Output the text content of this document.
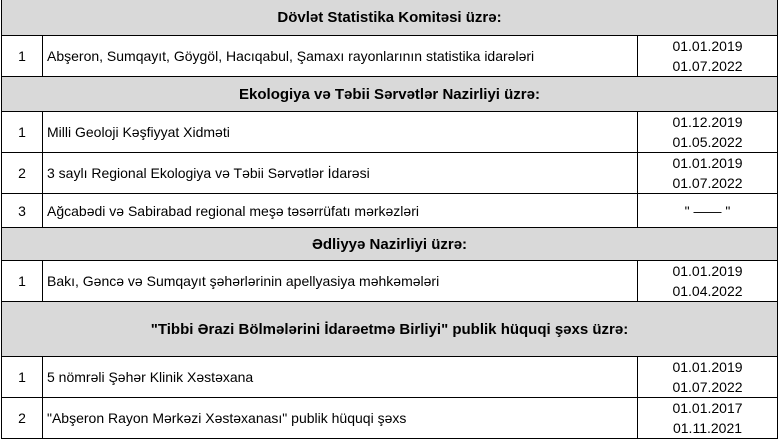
Dövlət Statistika Komitəsi üzrə:		
1	Abşeron, Sumqayıt, Göygöl, Hacıqabul, Şamaxı rayonlarının statistika idarələri	01.01.2019
01.07.2022

Ekologiya və Təbii Sərvətlər Nazirliyi üzrə:		
1	Milli Geoloji Kəşfiyyat Xidməti	01.12.2019
01.05.2022

2	3 saylı Regional Ekologiya və Təbii Sərvətlər İdarəsi	01.01.2019
01.07.2022

3	Ağcabədi və Sabirabad regional meşə təsərrüfatı mərkəzləri	" —— "

Ədliyyə Nazirliyi üzrə:		
1	Bakı, Gəncə və Sumqayıt şəhərlərinin apellyasiya məhkəmələri	01.01.2019
01.04.2022

"Tibbi Ərazi Bölmələrini İdarəetmə Birliyi" publik hüquqi şəxs üzrə:		
1	5 nömrəli Şəhər Klinik Xəstəxana	01.01.2019
01.07.2022

2	"Abşeron Rayon Mərkəzi Xəstəxanası" publik hüquqi şəxs	01.01.2017
01.11.2021
